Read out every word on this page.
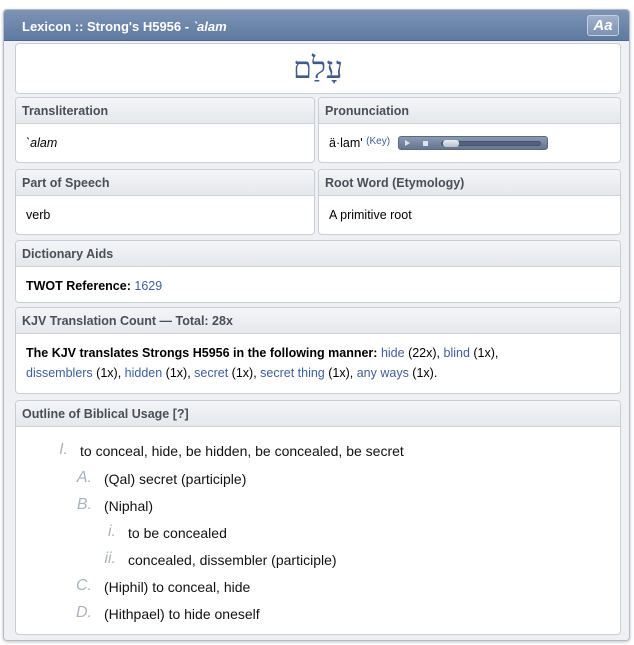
Lexicon :: Strong's H5956 - `alam	Aa
עָלַם
Transliteration
`alam
Pronunciation
ä·lam' $^{(Key)}$
Part of Speech
verb
Root Word (Etymology)
A primitive root
Dictionary Aids
TWOT Reference: 1629
KJV Translation Count — Total: 28x
The KJV translates Strongs H5956 in the following manner: hide (22x), blind (1x),
dissemblers (1x), hidden (1x), secret (1x), secret thing (1x), any ways (1x).
Outline of Biblical Usage [?]
I. to conceal, hide, be hidden, be concealed, be secret
A. (Qal) secret (participle)
B. (Niphal)
i. to be concealed
ii. concealed, dissembler (participle)
C. (Hiphil) to conceal, hide
D. (Hithpael) to hide oneself
